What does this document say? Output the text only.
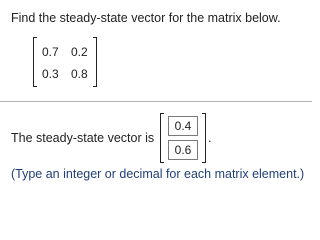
Find the steady-state vector for the matrix below.
0.7 0.2
0.3 0.8
The steady-state vector is
0.4
0.6	.
(Type an integer or decimal for each matrix element.)
